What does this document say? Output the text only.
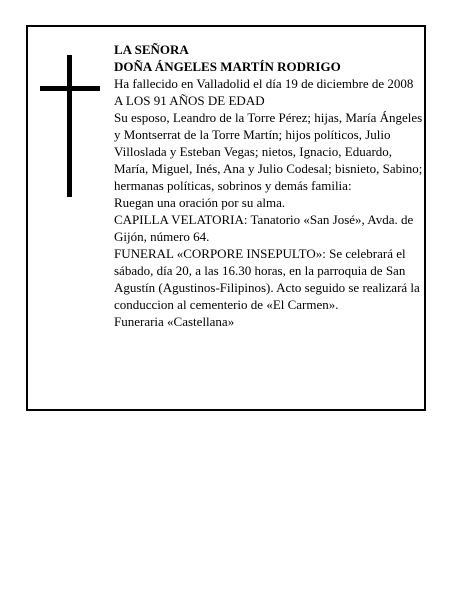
LA SEÑORA

DOÑA ÁNGELES MARTÍN RODRIGO

Ha fallecido en Valladolid el día 19 de diciembre de 2008

A LOS 91 AÑOS DE EDAD

Su esposo, Leandro de la Torre Pérez; hijas, María Ángeles y Montserrat de la Torre Martín; hijos políticos, Julio Villoslada y Esteban Vegas; nietos, Ignacio, Eduardo, María, Miguel, Inés, Ana y Julio Codesal; bisnieto, Sabino; hermanas políticas, sobrinos y demás familia:

Ruegan una oración por su alma.

CAPILLA VELATORIA: Tanatorio «San José», Avda. de Gijón, número 64.

FUNERAL «CORPORE INSEPULTO»: Se celebrará el sábado, día 20, a las 16.30 horas, en la parroquia de San Agustín (Agustinos-Filipinos). Acto seguido se realizará la conduccion al cementerio de «El Carmen».

Funeraria «Castellana»
